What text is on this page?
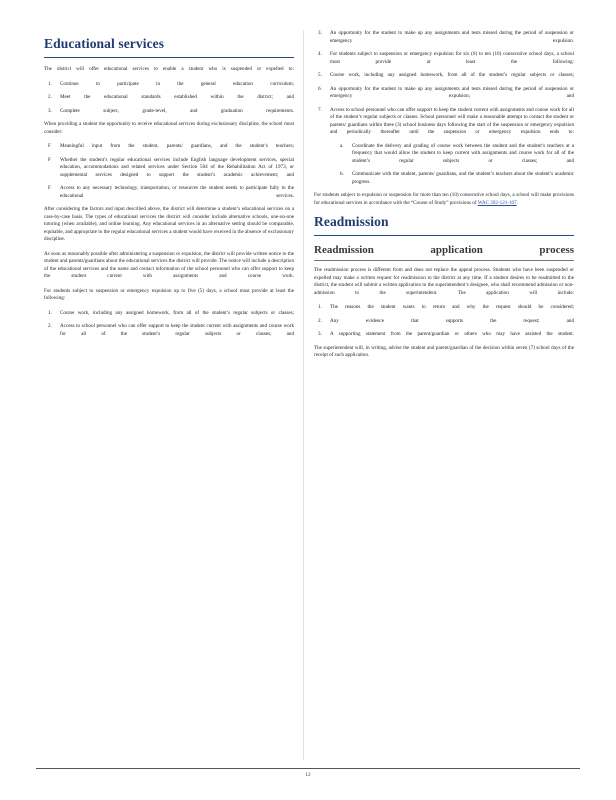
Educational services

The district will offer educational services to enable a student who is suspended or expelled to:

1.	Continue to participate in the general education curriculum;
2.	Meet the educational standards established within the district; and
3.	Complete subject, grade-level, and graduation requirements.

When providing a student the opportunity to receive educational services during exclusionary discipline, the school must consider:

F	Meaningful input from the student, parents/ guardians, and the student’s teachers;
F	Whether the student’s regular educational services include English language development services, special education, accommodations and related services under Section 504 of the Rehabilitation Act of 1973, or supplemental services designed to support the student’s academic achievement; and
F	Access to any necessary technology, transportation, or resources the student needs to participate fully in the educational services.

After considering the factors and input described above, the district will determine a student’s educational services on a case-by-case basis. The types of educational services the district will consider include alternative schools, one-on-one tutoring (when available), and online learning. Any educational services in an alternative setting should be comparable, equitable, and appropriate to the regular educational services a student would have received in the absence of exclusionary discipline.

As soon as reasonably possible after administering a suspension or expulsion, the district will provide written notice to the student and parents/guardians about the educational services the district will provide. The notice will include a description of the educational services and the name and contact information of the school personnel who can offer support to keep the student current with assignments and course work.

For students subject to suspension or emergency expulsion up to five (5) days, a school must provide at least the following:

1.	Course work, including any assigned homework, from all of the student’s regular subjects or classes;
2.	Access to school personnel who can offer support to keep the student current with assignments and course work for all of the student’s regular subjects or classes; and
3.	An opportunity for the student to make up any assignments and tests missed during the period of suspension or emergency expulsion.
4.	For students subject to suspension or emergency expulsion for six (6) to ten (10) consecutive school days, a school must provide at least the following:
5.	Course work, including any assigned homework, from all of the student’s regular subjects or classes;
6.	An opportunity for the student to make up any assignments and tests missed during the period of suspension or emergency expulsion; and
7.	Access to school personnel who can offer support to keep the student current with assignments and course work for all of the student’s regular subjects or classes. School personnel will make a reasonable attempt to contact the student or parents/ guardians within three (3) school business days following the start of the suspension or emergency expulsion and periodically thereafter until the suspension or emergency expulsion ends to:
a.	Coordinate the delivery and grading of course work between the student and the student’s teachers at a frequency that would allow the student to keep current with assignments and course work for all of the student’s regular subjects or classes; and
b.	Communicate with the student, parents/ guardians, and the student’s teachers about the student’s academic progress.

For students subject to expulsion or suspension for more than ten (10) consecutive school days, a school will make provisions for educational services in accordance with the “Course of Study” provisions of WAC 392-121-107.

Readmission
Readmission	application	process

The readmission process is different from and does not replace the appeal process. Students who have been suspended or expelled may make a written request for readmission to the district at any time. If a student desires to be readmitted to the district, the student will submit a written application to the superintendent’s designee, who shall recommend admission or non-admission to the superintendent. The application will include:

1.	The reasons the student wants to return and why the request should be considered;
2.	Any evidence that supports the request; and
3.	A supporting statement from the parent/guardian or others who may have assisted the student.

The superintendent will, in writing, advise the student and parent/guardian of the decision within seven (7) school days of the receipt of such application.

12
